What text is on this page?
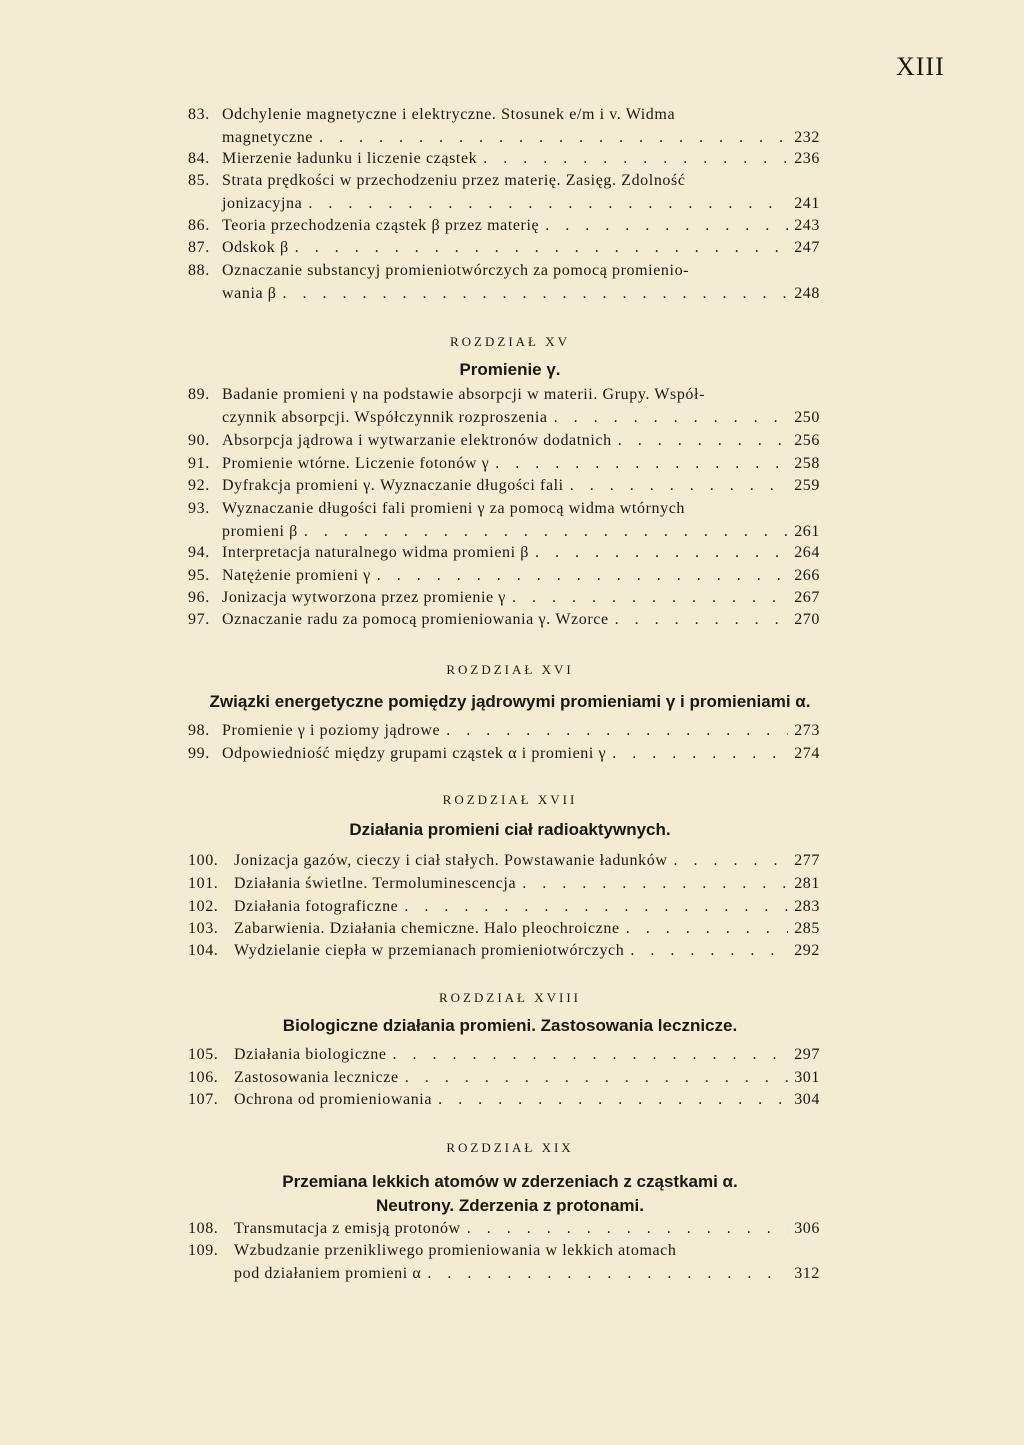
XIII
83. Odchylenie magnetyczne i elektryczne. Stosunek e/m i v. Widma
magnetyczne . . .	232
84. Mierzenie ładunku i liczenie cząstek . . .	236
85. Strata prędkości w przechodzeniu przez materię. Zasięg. Zdolność
jonizacyjna . . .	241
86. Teoria przechodzenia cząstek β przez materię . . .	243
87. Odskok β . . .	247
88. Oznaczanie substancyj promieniotwórczych za pomocą promienio-
wania β . . .	248
ROZDZIAŁ XV
Promienie γ.
89. Badanie promieni γ na podstawie absorpcji w materii. Grupy. Współ-
czynnik absorpcji. Współczynnik rozproszenia . . .	250
90. Absorpcja jądrowa i wytwarzanie elektronów dodatnich . . .	256
91. Promienie wtórne. Liczenie fotonów γ . . .	258
92. Dyfrakcja promieni γ. Wyznaczanie długości fali . . .	259
93. Wyznaczanie długości fali promieni γ za pomocą widma wtórnych
promieni β . . .	261
94. Interpretacja naturalnego widma promieni β . . .	264
95. Natężenie promieni γ . . .	266
96. Jonizacja wytworzona przez promienie γ . . .	267
97. Oznaczanie radu za pomocą promieniowania γ. Wzorce . . .	270
ROZDZIAŁ XVI
Związki energetyczne pomiędzy jądrowymi promieniami γ i promieniami α.
98. Promienie γ i poziomy jądrowe . . .	273
99. Odpowiedniość między grupami cząstek α i promieni γ . . .	274
ROZDZIAŁ XVII
Działania promieni ciał radioaktywnych.
100. Jonizacja gazów, cieczy i ciał stałych. Powstawanie ładunków . . .	277
101. Działania świetlne. Termoluminescencja . . .	281
102. Działania fotograficzne . . .	283
103. Zabarwienia. Działania chemiczne. Halo pleochroiczne . . .	285
104. Wydzielanie ciepła w przemianach promieniotwórczych . . .	292
ROZDZIAŁ XVIII
Biologiczne działania promieni. Zastosowania lecznicze.
105. Działania biologiczne . . .	297
106. Zastosowania lecznicze . . .	301
107. Ochrona od promieniowania . . .	304
ROZDZIAŁ XIX
Przemiana lekkich atomów w zderzeniach z cząstkami α.
Neutrony. Zderzenia z protonami.
108. Transmutacja z emisją protonów . . .	306
109. Wzbudzanie przenikliwego promieniowania w lekkich atomach
pod działaniem promieni α . . .	312
